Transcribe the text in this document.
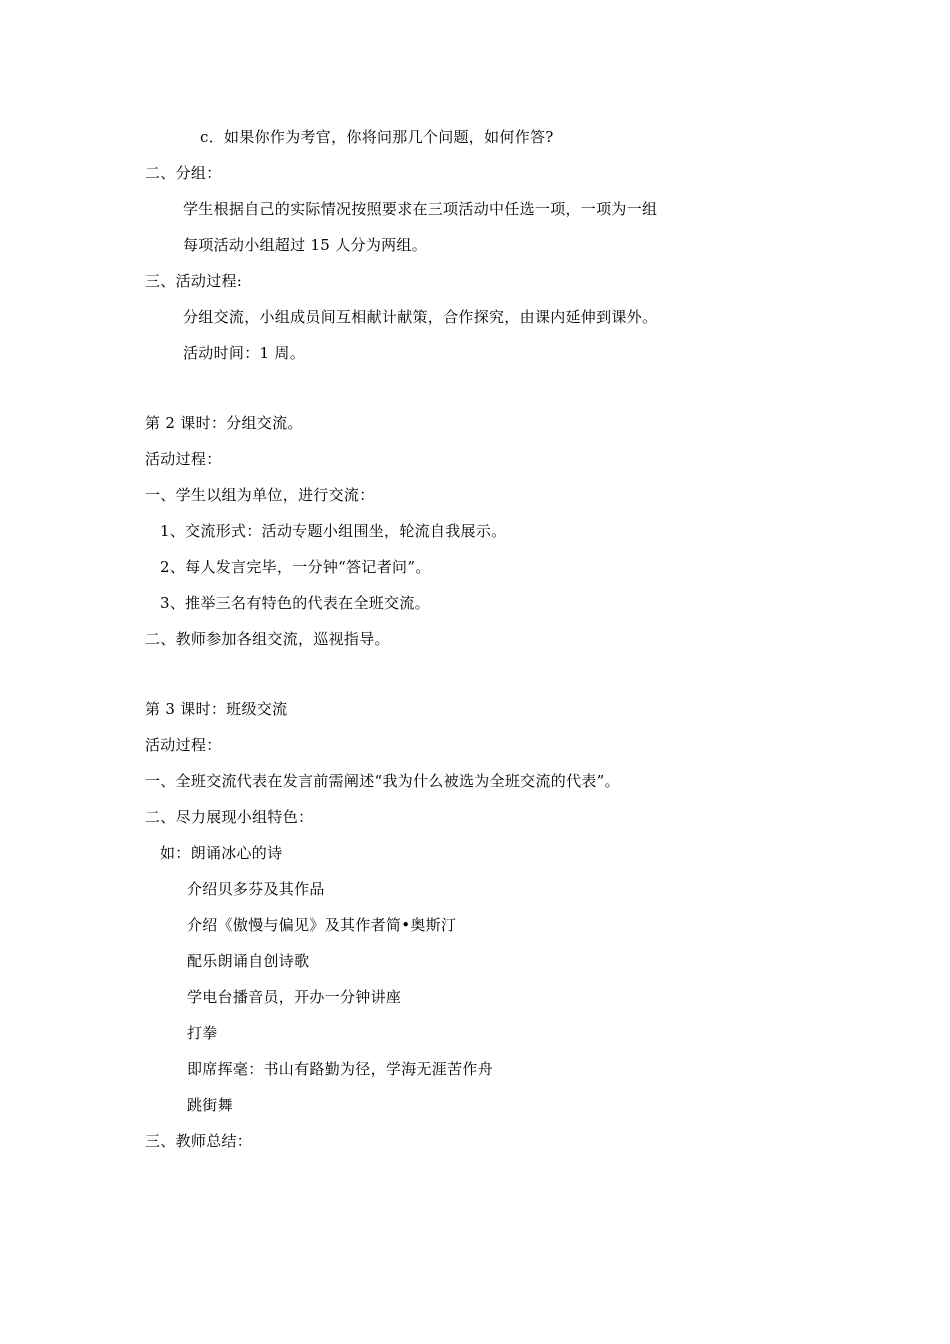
c．如果你作为考官，你将问那几个问题，如何作答?
二、分组：
学生根据自己的实际情况按照要求在三项活动中任选一项，一项为一组
每项活动小组超过 15 人分为两组。
三、活动过程:
分组交流，小组成员间互相献计献策，合作探究，由课内延伸到课外。
活动时间：1 周。
第 2 课时：分组交流。
活动过程：
一、学生以组为单位，进行交流：
1、交流形式：活动专题小组围坐，轮流自我展示。
2、每人发言完毕，一分钟“答记者问”。
3、推举三名有特色的代表在全班交流。
二、教师参加各组交流，巡视指导。
第 3 课时：班级交流
活动过程：
一、全班交流代表在发言前需阐述“我为什么被选为全班交流的代表”。
二、尽力展现小组特色：
如：朗诵冰心的诗
介绍贝多芬及其作品
介绍《傲慢与偏见》及其作者简•奥斯汀
配乐朗诵自创诗歌
学电台播音员，开办一分钟讲座
打拳
即席挥毫：书山有路勤为径，学海无涯苦作舟
跳街舞
三、教师总结：
